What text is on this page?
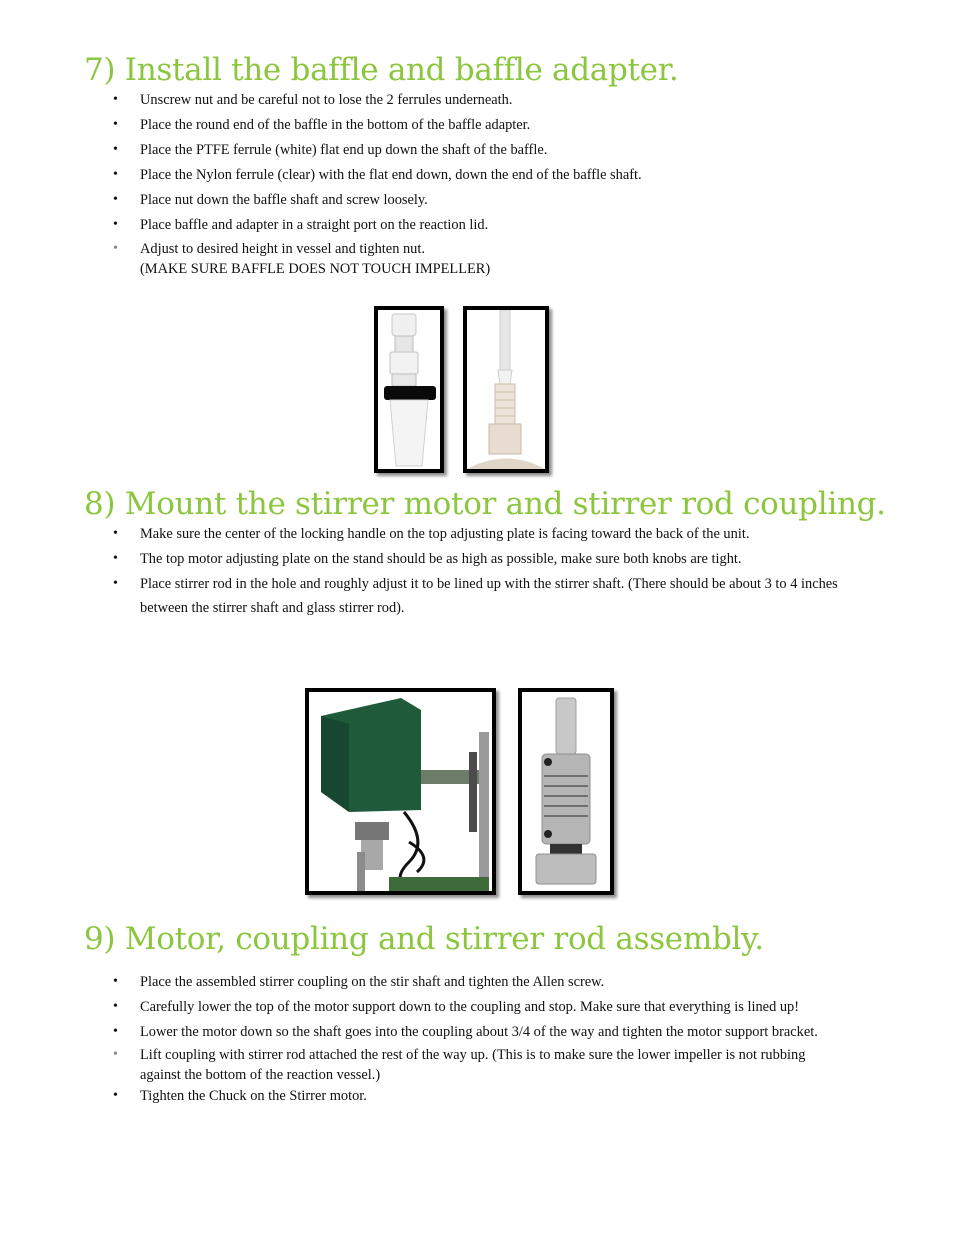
7) Install the baffle and baffle adapter.
• Unscrew nut and be careful not to lose the 2 ferrules underneath.
• Place the round end of the baffle in the bottom of the baffle adapter.
• Place the PTFE ferrule (white) flat end up down the shaft of the baffle.
• Place the Nylon ferrule (clear) with the flat end down, down the end of the baffle shaft.
• Place nut down the baffle shaft and screw loosely.
• Place baffle and adapter in a straight port on the reaction lid.
• Adjust to desired height in vessel and tighten nut.
(MAKE SURE BAFFLE DOES NOT TOUCH IMPELLER)
8) Mount the stirrer motor and stirrer rod coupling.
• Make sure the center of the locking handle on the top adjusting plate is facing toward the back of the unit.
• The top motor adjusting plate on the stand should be as high as possible, make sure both knobs are tight.
• Place stirrer rod in the hole and roughly adjust it to be lined up with the stirrer shaft. (There should be about 3 to 4 inches between the stirrer shaft and glass stirrer rod).
9) Motor, coupling and stirrer rod assembly.
• Place the assembled stirrer coupling on the stir shaft and tighten the Allen screw.
• Carefully lower the top of the motor support down to the coupling and stop. Make sure that everything is lined up!
• Lower the motor down so the shaft goes into the coupling about 3/4 of the way and tighten the motor support bracket.
• Lift coupling with stirrer rod attached the rest of the way up. (This is to make sure the lower impeller is not rubbing against the bottom of the reaction vessel.)
• Tighten the Chuck on the Stirrer motor.
